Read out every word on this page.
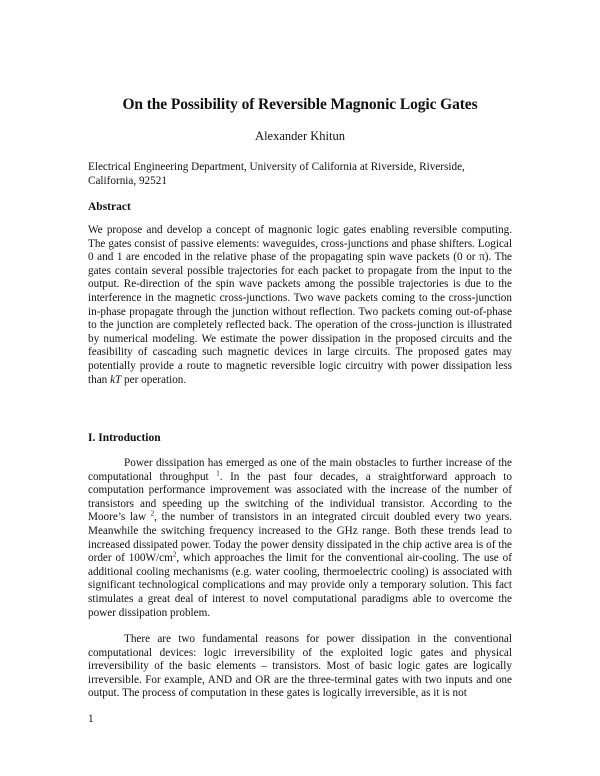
On the Possibility of Reversible Magnonic Logic Gates
Alexander Khitun
Electrical Engineering Department, University of California at Riverside, Riverside, California, 92521
Abstract

We propose and develop a concept of magnonic logic gates enabling reversible computing. The gates consist of passive elements: waveguides, cross-junctions and phase shifters. Logical 0 and 1 are encoded in the relative phase of the propagating spin wave packets (0 or π). The gates contain several possible trajectories for each packet to propagate from the input to the output. Re-direction of the spin wave packets among the possible trajectories is due to the interference in the magnetic cross-junctions. Two wave packets coming to the cross-junction in-phase propagate through the junction without reflection. Two packets coming out-of-phase to the junction are completely reflected back. The operation of the cross-junction is illustrated by numerical modeling. We estimate the power dissipation in the proposed circuits and the feasibility of cascading such magnetic devices in large circuits. The proposed gates may potentially provide a route to magnetic reversible logic circuitry with power dissipation less than kT per operation.

I. Introduction

Power dissipation has emerged as one of the main obstacles to further increase of the computational throughput $^1$. In the past four decades, a straightforward approach to computation performance improvement was associated with the increase of the number of transistors and speeding up the switching of the individual transistor. According to the Moore’s law $^2$, the number of transistors in an integrated circuit doubled every two years. Meanwhile the switching frequency increased to the GHz range. Both these trends lead to increased dissipated power. Today the power density dissipated in the chip active area is of the order of $100W/cm^2$, which approaches the limit for the conventional air-cooling. The use of additional cooling mechanisms (e.g. water cooling, thermoelectric cooling) is associated with significant technological complications and may provide only a temporary solution. This fact stimulates a great deal of interest to novel computational paradigms able to overcome the power dissipation problem.

There are two fundamental reasons for power dissipation in the conventional computational devices: logic irreversibility of the exploited logic gates and physical irreversibility of the basic elements – transistors. Most of basic logic gates are logically irreversible. For example, AND and OR are the three-terminal gates with two inputs and one output. The process of computation in these gates is logically irreversible, as it is not

1
